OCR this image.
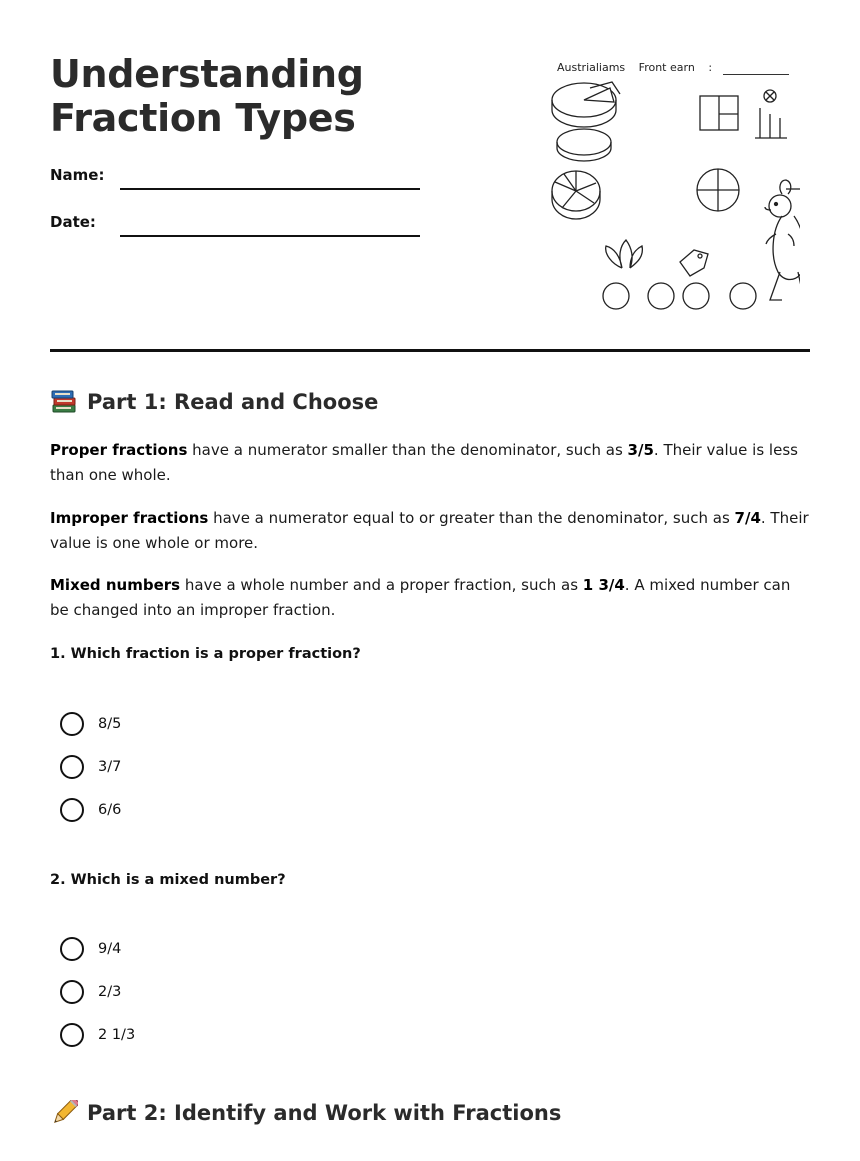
Understanding Fraction Types
Name:
Date:
Austrialiams Front earn :
Part 1: Read and Choose

Proper fractions have a numerator smaller than the denominator, such as 3/5. Their value is less than one whole.

Improper fractions have a numerator equal to or greater than the denominator, such as 7/4. Their value is one whole or more.

Mixed numbers have a whole number and a proper fraction, such as 1 3/4. A mixed number can be changed into an improper fraction.

1. Which fraction is a proper fraction?

8/5
3/7
6/6

2. Which is a mixed number?

9/4
2/3
2 1/3
Part 2: Identify and Work with Fractions
